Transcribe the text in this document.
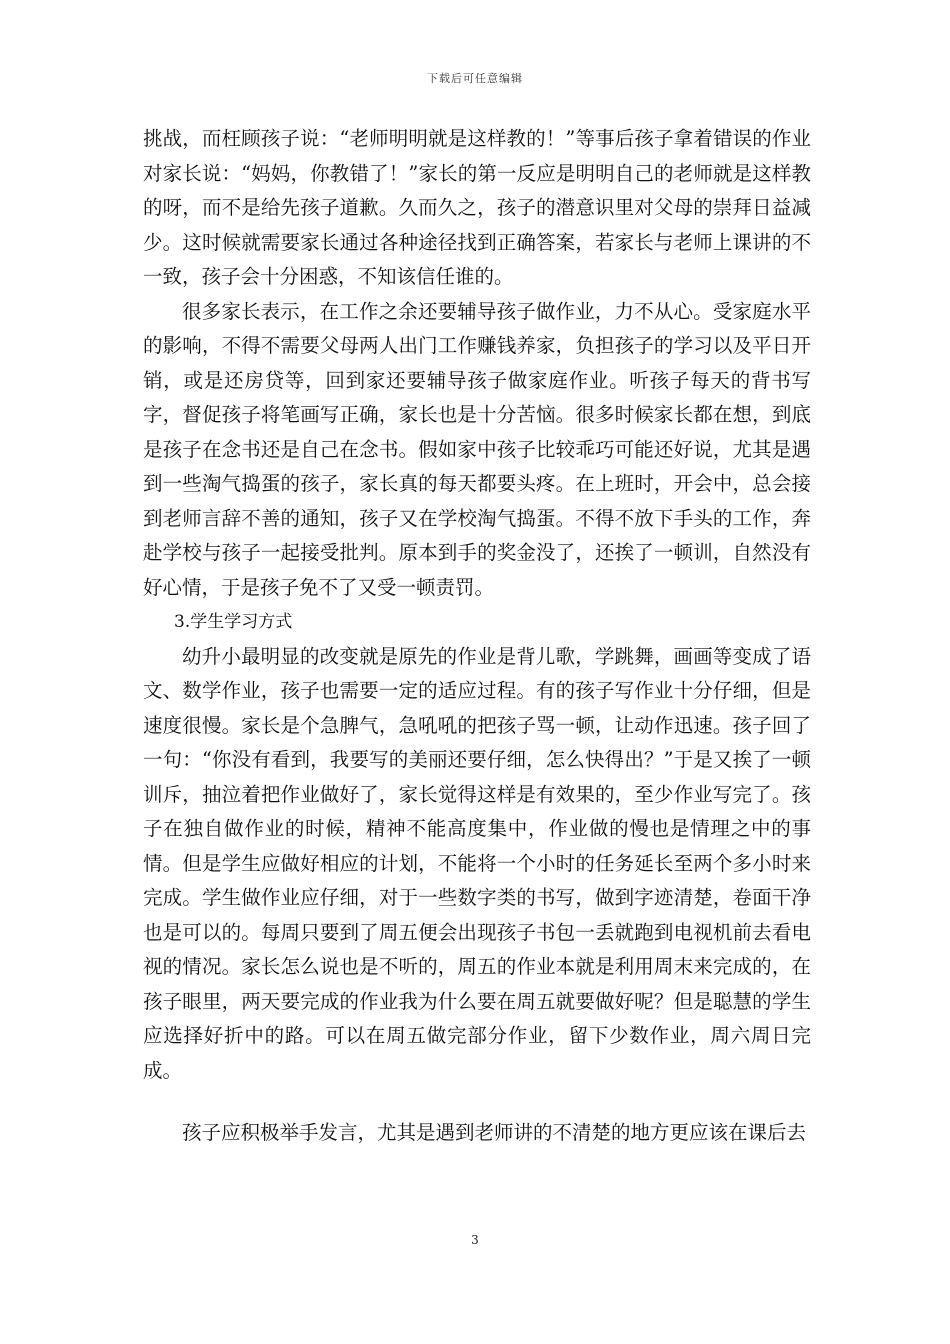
下载后可任意编辑

挑战，而枉顾孩子说：“老师明明就是这样教的！”等事后孩子拿着错误的作业对家长说：“妈妈，你教错了！”家长的第一反应是明明自己的老师就是这样教的呀，而不是给先孩子道歉。久而久之，孩子的潜意识里对父母的崇拜日益减少。这时候就需要家长通过各种途径找到正确答案，若家长与老师上课讲的不一致，孩子会十分困惑，不知该信任谁的。

很多家长表示，在工作之余还要辅导孩子做作业，力不从心。受家庭水平的影响，不得不需要父母两人出门工作赚钱养家，负担孩子的学习以及平日开销，或是还房贷等，回到家还要辅导孩子做家庭作业。听孩子每天的背书写字，督促孩子将笔画写正确，家长也是十分苦恼。很多时候家长都在想，到底是孩子在念书还是自己在念书。假如家中孩子比较乖巧可能还好说，尤其是遇到一些淘气捣蛋的孩子，家长真的每天都要头疼。在上班时，开会中，总会接到老师言辞不善的通知，孩子又在学校淘气捣蛋。不得不放下手头的工作，奔赴学校与孩子一起接受批判。原本到手的奖金没了，还挨了一顿训，自然没有好心情，于是孩子免不了又受一顿责罚。

3.学生学习方式

幼升小最明显的改变就是原先的作业是背儿歌，学跳舞，画画等变成了语文、数学作业，孩子也需要一定的适应过程。有的孩子写作业十分仔细，但是速度很慢。家长是个急脾气，急吼吼的把孩子骂一顿，让动作迅速。孩子回了一句：“你没有看到，我要写的美丽还要仔细，怎么快得出？”于是又挨了一顿训斥，抽泣着把作业做好了，家长觉得这样是有效果的，至少作业写完了。孩子在独自做作业的时候，精神不能高度集中，作业做的慢也是情理之中的事情。但是学生应做好相应的计划，不能将一个小时的任务延长至两个多小时来完成。学生做作业应仔细，对于一些数字类的书写，做到字迹清楚，卷面干净也是可以的。每周只要到了周五便会出现孩子书包一丢就跑到电视机前去看电视的情况。家长怎么说也是不听的，周五的作业本就是利用周末来完成的，在孩子眼里，两天要完成的作业我为什么要在周五就要做好呢？但是聪慧的学生应选择好折中的路。可以在周五做完部分作业，留下少数作业，周六周日完成。

孩子应积极举手发言，尤其是遇到老师讲的不清楚的地方更应该在课后去

3
